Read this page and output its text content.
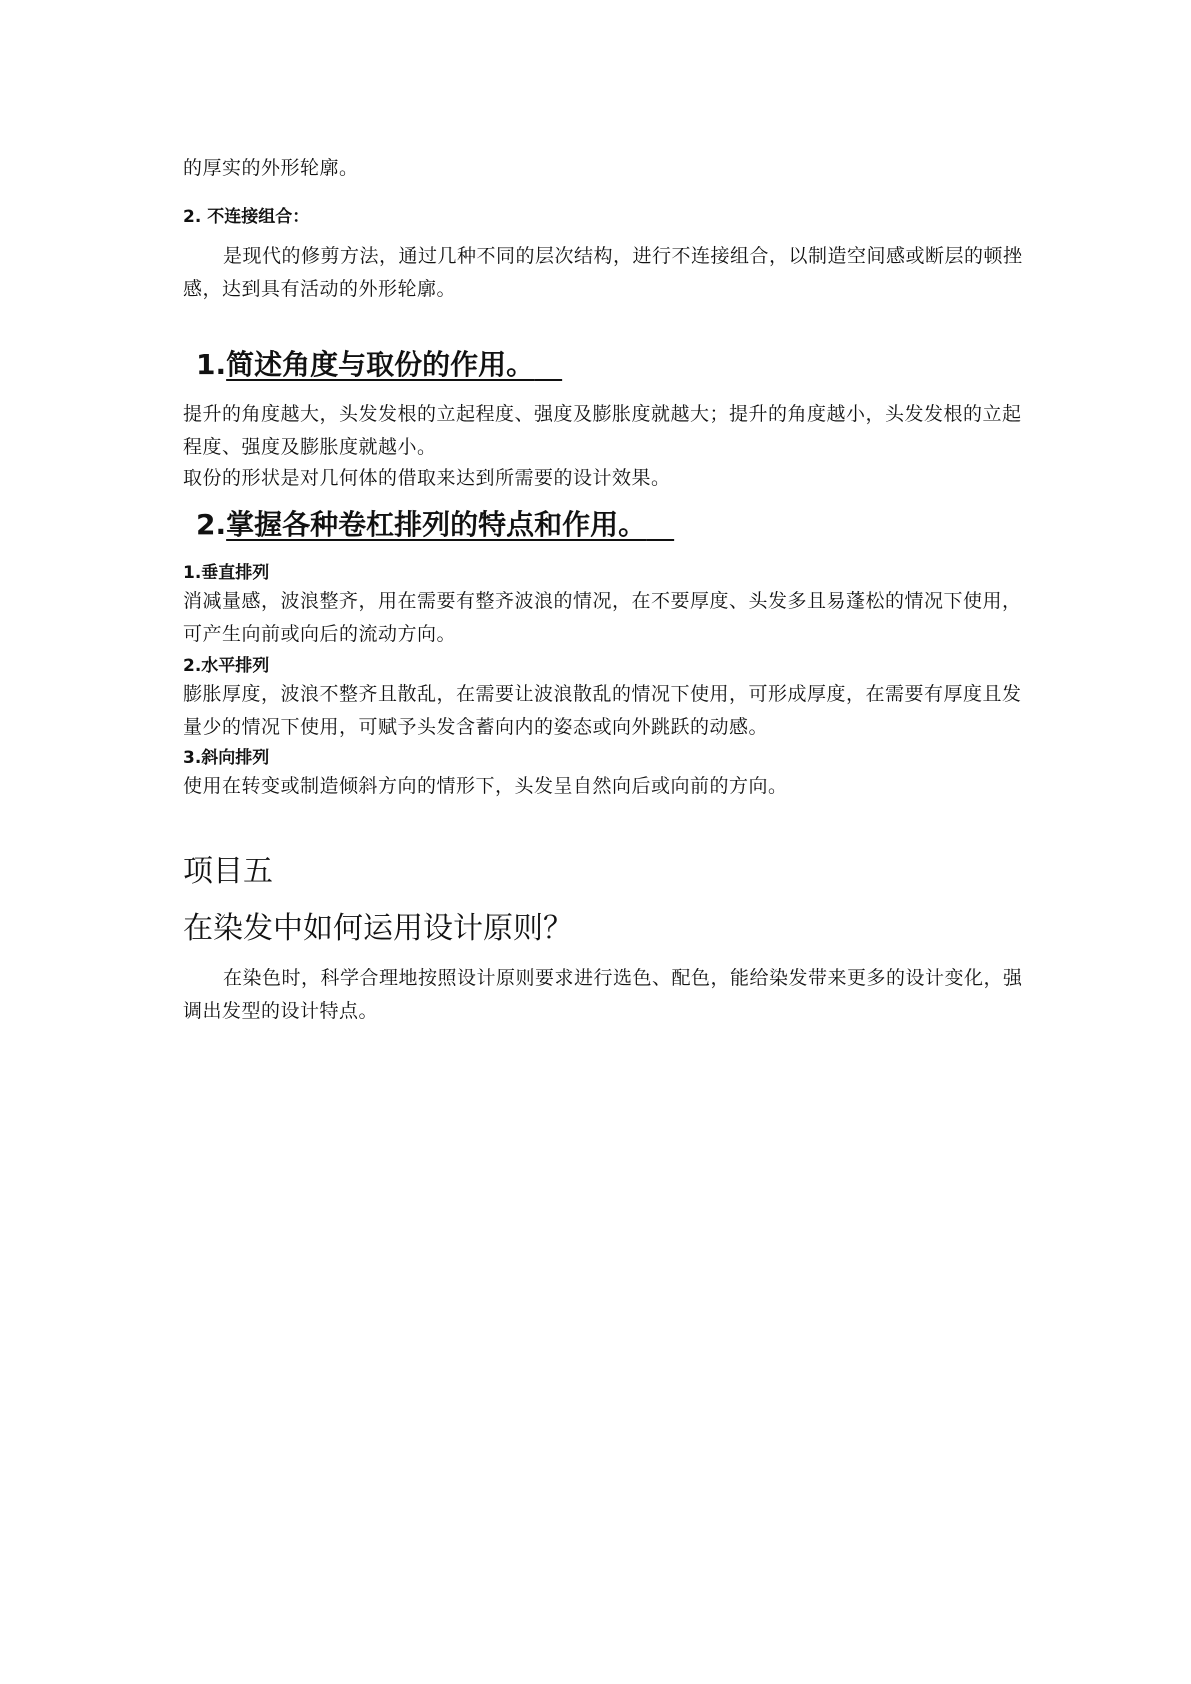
的厚实的外形轮廓。

2. 不连接组合：

是现代的修剪方法，通过几种不同的层次结构，进行不连接组合，以制造空间感或断层的顿挫感，达到具有活动的外形轮廓。

1.简述角度与取份的作用。 

提升的角度越大，头发发根的立起程度、强度及膨胀度就越大；提升的角度越小，头发发根的立起程度、强度及膨胀度就越小。

取份的形状是对几何体的借取来达到所需要的设计效果。

2.掌握各种卷杠排列的特点和作用。 

1.垂直排列

消减量感，波浪整齐，用在需要有整齐波浪的情况，在不要厚度、头发多且易蓬松的情况下使用，可产生向前或向后的流动方向。

2.水平排列

膨胀厚度，波浪不整齐且散乱，在需要让波浪散乱的情况下使用，可形成厚度，在需要有厚度且发量少的情况下使用，可赋予头发含蓄向内的姿态或向外跳跃的动感。

3.斜向排列

使用在转变或制造倾斜方向的情形下，头发呈自然向后或向前的方向。

项目五
在染发中如何运用设计原则？

在染色时，科学合理地按照设计原则要求进行选色、配色，能给染发带来更多的设计变化，强调出发型的设计特点。
